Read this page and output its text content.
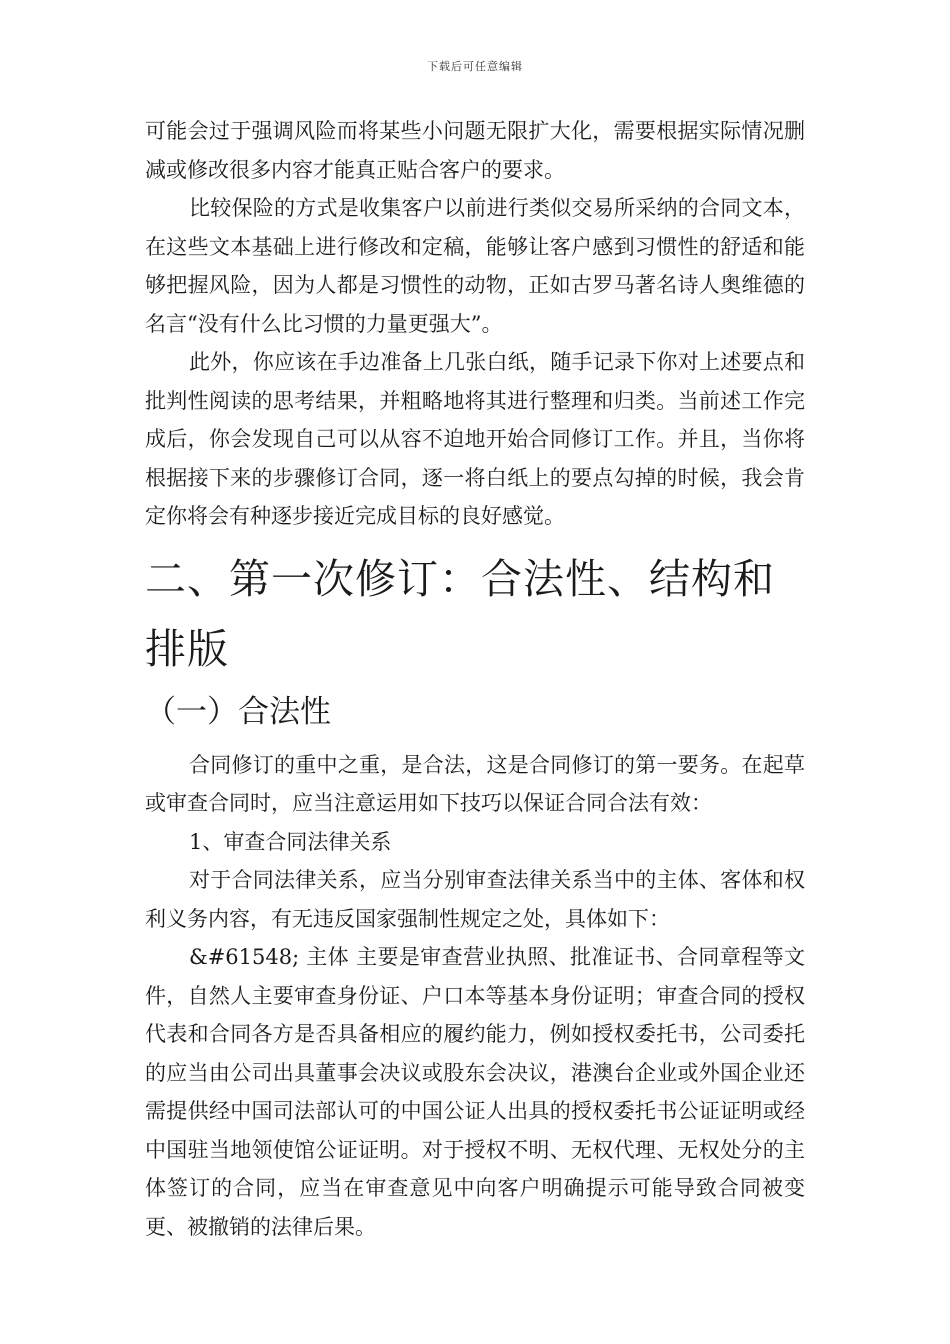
下载后可任意编辑

可能会过于强调风险而将某些小问题无限扩大化，需要根据实际情况删减或修改很多内容才能真正贴合客户的要求。

比较保险的方式是收集客户以前进行类似交易所采纳的合同文本，在这些文本基础上进行修改和定稿，能够让客户感到习惯性的舒适和能够把握风险，因为人都是习惯性的动物，正如古罗马著名诗人奥维德的名言“没有什么比习惯的力量更强大”。

此外，你应该在手边准备上几张白纸，随手记录下你对上述要点和批判性阅读的思考结果，并粗略地将其进行整理和归类。当前述工作完成后，你会发现自己可以从容不迫地开始合同修订工作。并且，当你将根据接下来的步骤修订合同，逐一将白纸上的要点勾掉的时候，我会肯定你将会有种逐步接近完成目标的良好感觉。

二、第一次修订：合法性、结构和排版
（一）合法性

合同修订的重中之重，是合法，这是合同修订的第一要务。在起草或审查合同时，应当注意运用如下技巧以保证合同合法有效：

1、审查合同法律关系

对于合同法律关系，应当分别审查法律关系当中的主体、客体和权利义务内容，有无违反国家强制性规定之处，具体如下：

&#61548; 主体 主要是审查营业执照、批准证书、合同章程等文件，自然人主要审查身份证、户口本等基本身份证明；审查合同的授权代表和合同各方是否具备相应的履约能力，例如授权委托书，公司委托的应当由公司出具董事会决议或股东会决议，港澳台企业或外国企业还需提供经中国司法部认可的中国公证人出具的授权委托书公证证明或经中国驻当地领使馆公证证明。对于授权不明、无权代理、无权处分的主体签订的合同，应当在审查意见中向客户明确提示可能导致合同被变更、被撤销的法律后果。
